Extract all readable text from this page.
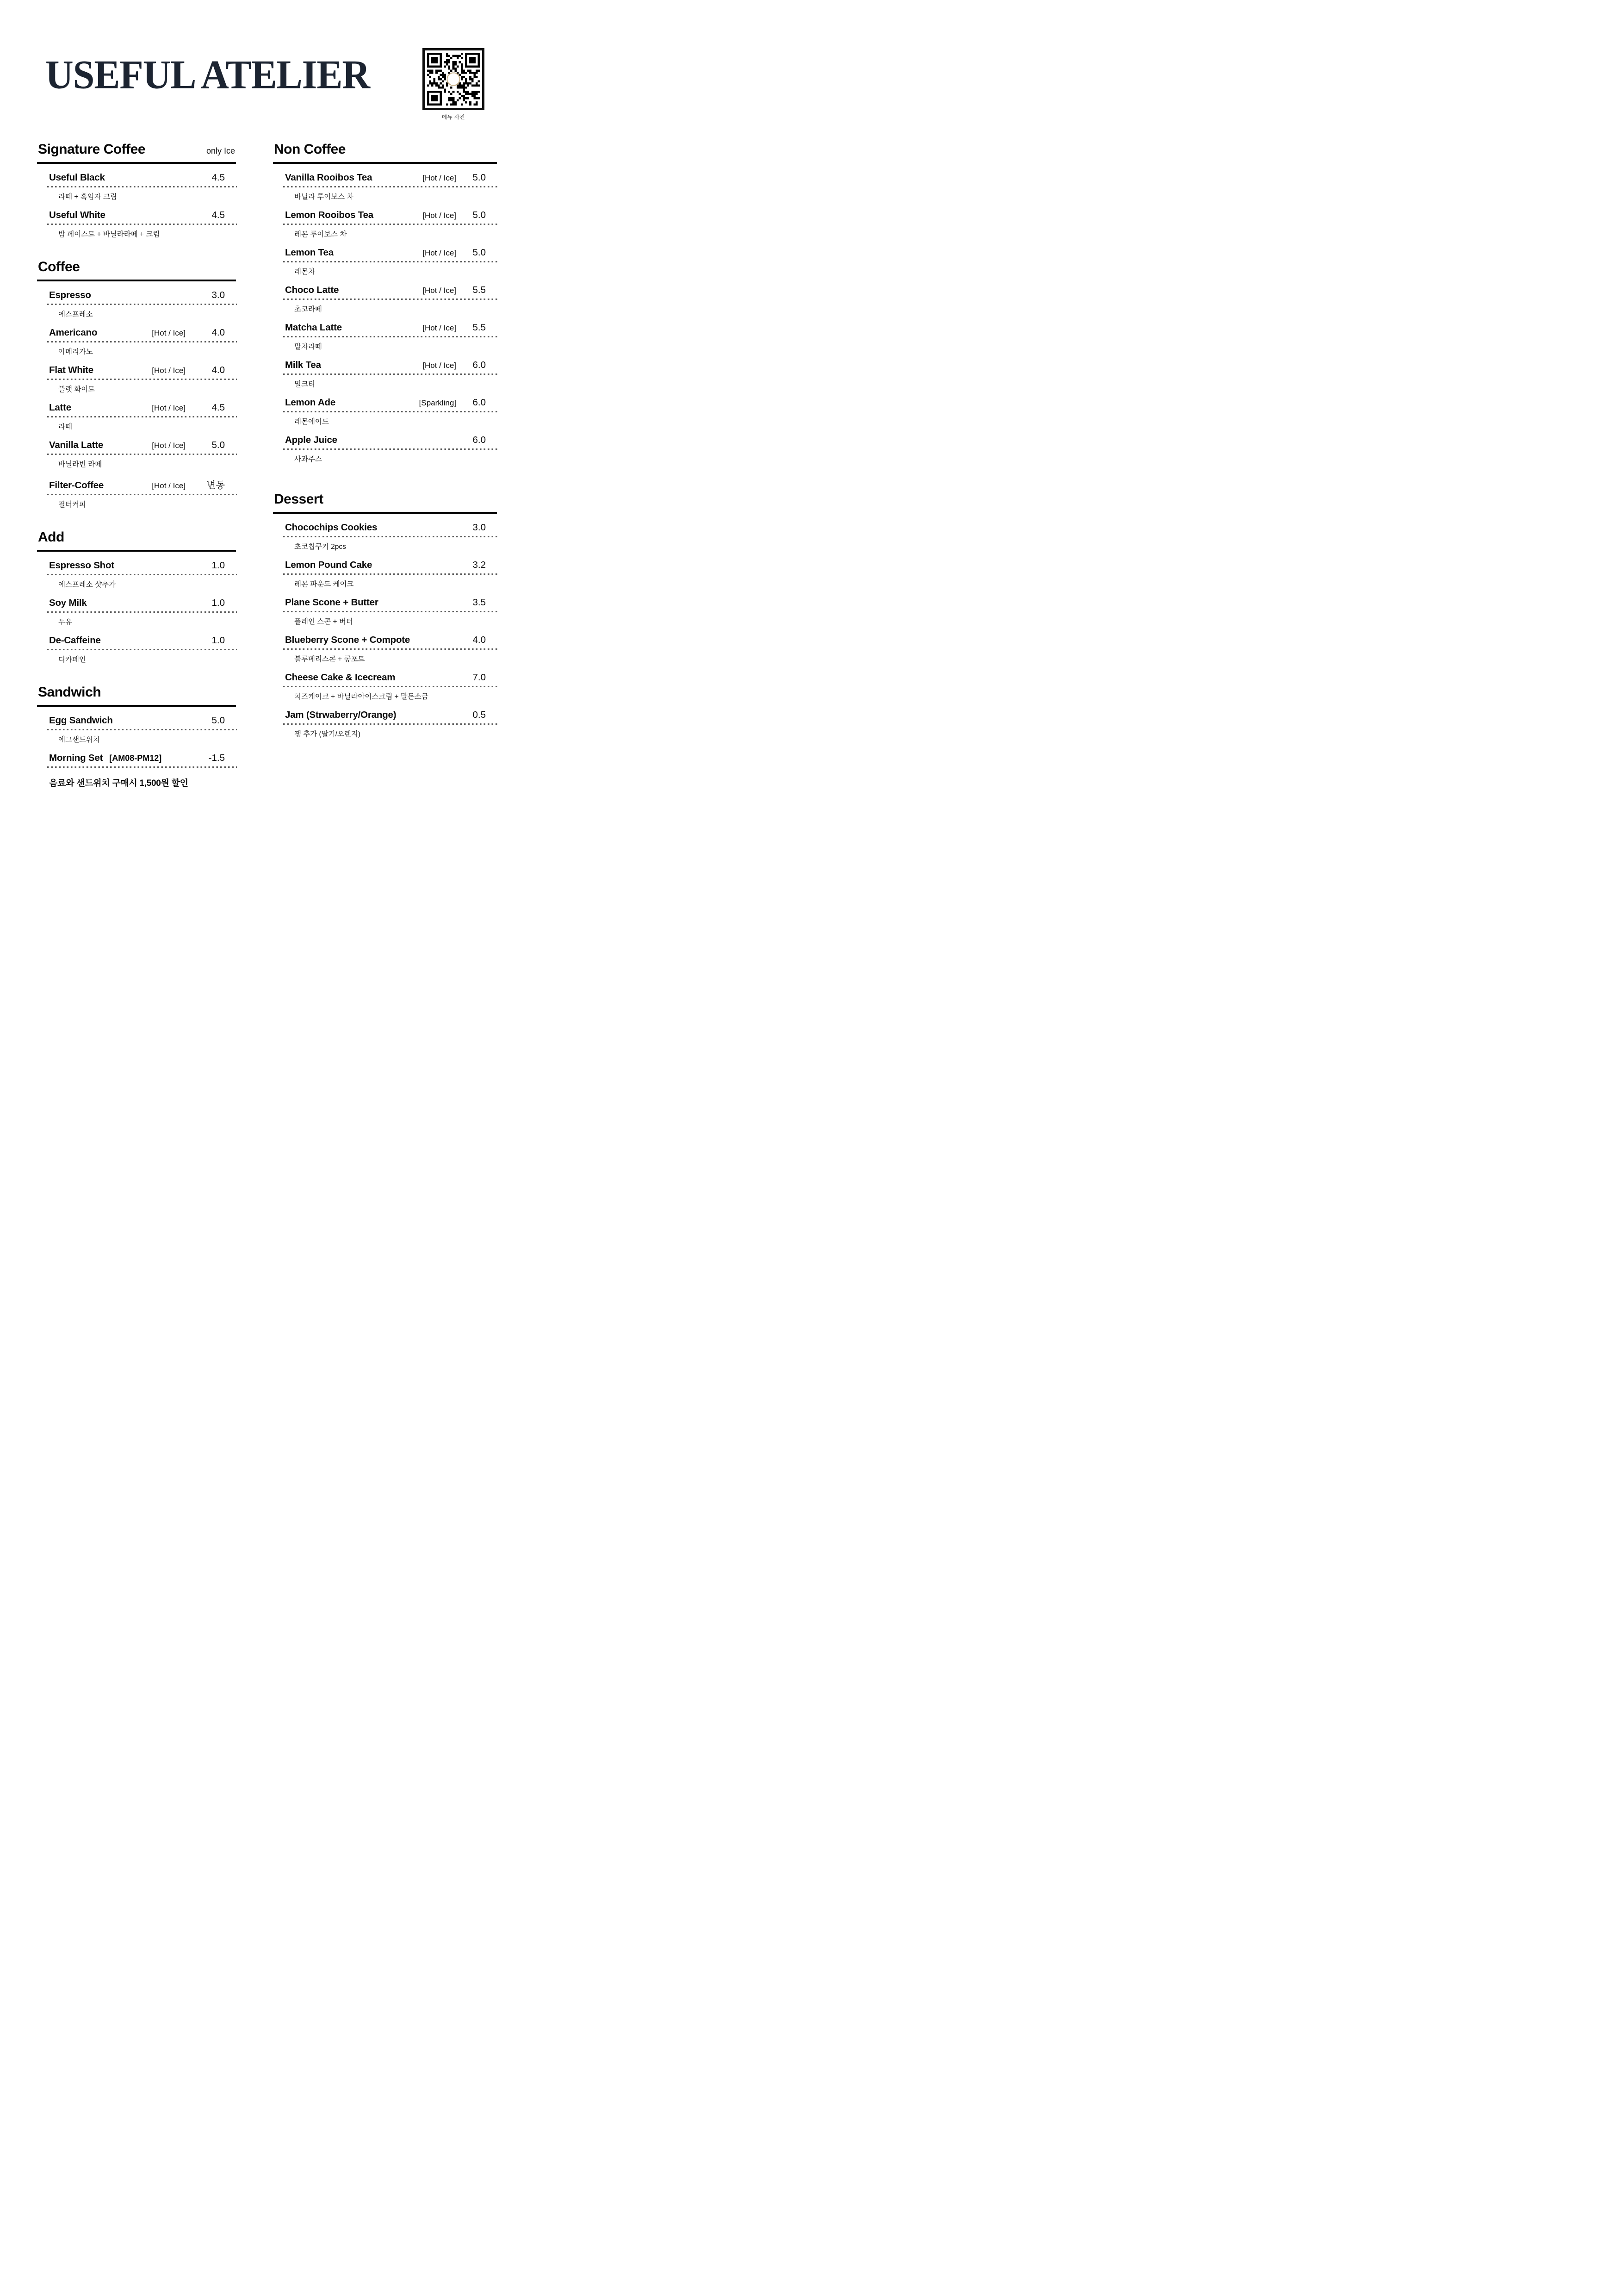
USEFUL ATELIER
메뉴 사진
Signature Coffee	only Ice
Useful Black	4.5
라떼 + 흑임자 크림
Useful White	4.5
밤 페이스트 + 바닐라라떼 + 크림
Coffee
Espresso	3.0
에스프레소
Americano	[Hot / Ice]	4.0
아메리카노
Flat White	[Hot / Ice]	4.0
플랫 화이트
Latte	[Hot / Ice]	4.5
라떼
Vanilla Latte	[Hot / Ice]	5.0
바닐라빈 라떼
Filter-Coffee	[Hot / Ice]	변동
필터커피
Add
Espresso Shot	1.0
에스프레소 샷추가
Soy Milk	1.0
두유
De-Caffeine	1.0
디카페인
Sandwich
Egg Sandwich	5.0
에그샌드위치
Morning Set [AM08-PM12]	-1.5
음료와 샌드위치 구매시 1,500원 할인
Non Coffee
Vanilla Rooibos Tea	[Hot / Ice]	5.0
바닐라 루이보스 차
Lemon Rooibos Tea	[Hot / Ice]	5.0
레몬 루이보스 차
Lemon Tea	[Hot / Ice]	5.0
레몬차
Choco Latte	[Hot / Ice]	5.5
초코라떼
Matcha Latte	[Hot / Ice]	5.5
말차라떼
Milk Tea	[Hot / Ice]	6.0
밀크티
Lemon Ade	[Sparkling]	6.0
레몬에이드
Apple Juice	6.0
사과주스
Dessert
Chocochips Cookies	3.0
초코칩쿠키 2pcs
Lemon Pound Cake	3.2
레몬 파운드 케이크
Plane Scone + Butter	3.5
플레인 스콘 + 버터
Blueberry Scone + Compote	4.0
블루베리스콘 + 콩포트
Cheese Cake & Icecream	7.0
치즈케이크 + 바닐라아이스크림 + 말돈소금
Jam (Strwaberry/Orange)	0.5
잼 추가 (딸기/오렌지)
